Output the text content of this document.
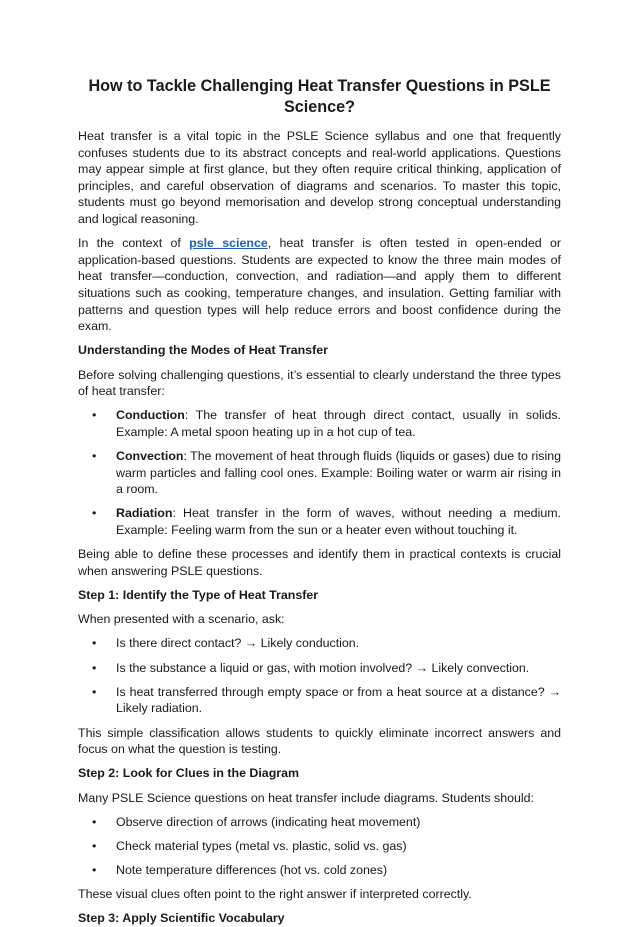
How to Tackle Challenging Heat Transfer Questions in PSLE Science?

Heat transfer is a vital topic in the PSLE Science syllabus and one that frequently confuses students due to its abstract concepts and real-world applications. Questions may appear simple at first glance, but they often require critical thinking, application of principles, and careful observation of diagrams and scenarios. To master this topic, students must go beyond memorisation and develop strong conceptual understanding and logical reasoning.

In the context of psle science, heat transfer is often tested in open-ended or application-based questions. Students are expected to know the three main modes of heat transfer—conduction, convection, and radiation—and apply them to different situations such as cooking, temperature changes, and insulation. Getting familiar with patterns and question types will help reduce errors and boost confidence during the exam.

Understanding the Modes of Heat Transfer

Before solving challenging questions, it’s essential to clearly understand the three types of heat transfer:

• Conduction: The transfer of heat through direct contact, usually in solids. Example: A metal spoon heating up in a hot cup of tea.
• Convection: The movement of heat through fluids (liquids or gases) due to rising warm particles and falling cool ones. Example: Boiling water or warm air rising in a room.
• Radiation: Heat transfer in the form of waves, without needing a medium. Example: Feeling warm from the sun or a heater even without touching it.

Being able to define these processes and identify them in practical contexts is crucial when answering PSLE questions.

Step 1: Identify the Type of Heat Transfer

When presented with a scenario, ask:

• Is there direct contact? → Likely conduction.
• Is the substance a liquid or gas, with motion involved? → Likely convection.
• Is heat transferred through empty space or from a heat source at a distance? → Likely radiation.

This simple classification allows students to quickly eliminate incorrect answers and focus on what the question is testing.

Step 2: Look for Clues in the Diagram

Many PSLE Science questions on heat transfer include diagrams. Students should:

• Observe direction of arrows (indicating heat movement)
• Check material types (metal vs. plastic, solid vs. gas)
• Note temperature differences (hot vs. cold zones)

These visual clues often point to the right answer if interpreted correctly.

Step 3: Apply Scientific Vocabulary
